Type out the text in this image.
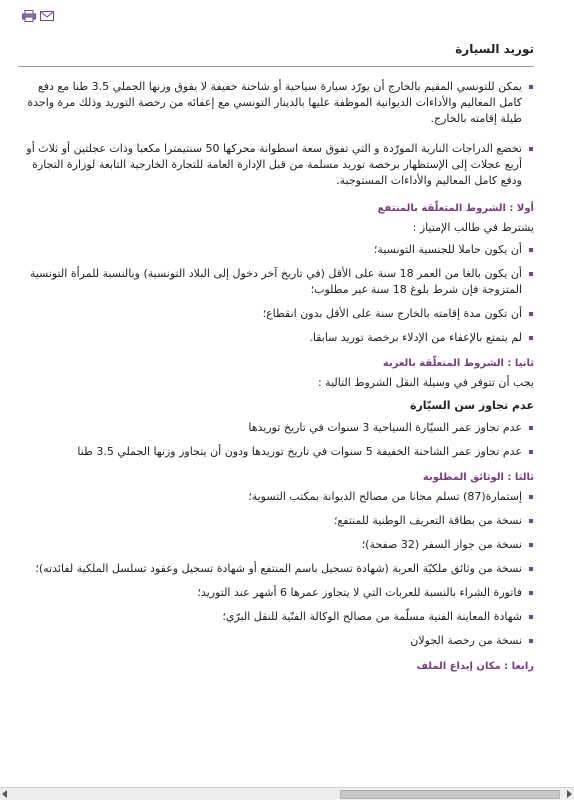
توريد السيارة
يمكن للتونسي المقيم بالخارج أن يورّد سيارة سياحية أو شاحنة خفيفة لا يفوق وزنها الجملي 3.5 طنا مع دفع كامل المعاليم والأداءات الديوانية الموظفة عليها بالدينار التونسي مع إعفائه من رخصة التوريد وذلك مرة واحدة طيلة إقامته بالخارج.
تخضع الدراجات النارية المورّدة و التي تفوق سعة اسطوانة محركها 50 سنتيمترا مكعبا وذات عجلتين أو ثلاث أو أربع عجلات إلى الإستظهار برخصة توريد مسلمة من قبل الإدارة العامة للتجارة الخارجية التابعة لوزارة التجارة ودفع كامل المعاليم والأداءات المستوجبة.
أولا : الشروط المتعلّقة بالمنتفع

يشترط في طالب الإمتياز :

أن يكون حاملا للجنسية التونسية؛
أن يكون بالغا من العمر 18 سنة على الأقل (في تاريخ آخر دخول إلى البلاد التونسية) وبالنسبة للمرأة التونسية المتزوجة فإن شرط بلوغ 18 سنة غير مطلوب؛
أن تكون مدة إقامته بالخارج سنة على الأقل بدون انقطاع؛
لم يتمتع بالإعفاء من الإدلاء برخصة توريد سابقا.
ثانيا : الشروط المتعلّقة بالعربة

يجب أن تتوفر في وسيلة النقل الشروط التالية :

عدم تجاوز سن السيّارة
عدم تجاوز عمر السيّارة السياحية 3 سنوات في تاريخ توريدها
عدم تجاوز عمر الشاحنة الخفيفة 5 سنوات في تاريخ توريدها ودون أن يتجاوز وزنها الجملي 3.5 طنا
ثالثا : الوثائق المطلوبة
إستمارة(87) تسلم مجانا من مصالح الديوانة بمكتب التسوية؛
نسخة من بطاقة التعريف الوطنية للمنتفع؛
نسخة من جواز السفر (32 صفحة)؛
نسخة من وثائق ملكيّة العربة (شهادة تسجيل باسم المنتفع أو شهادة تسجيل وعقود تسلسل الملكية لفائدته)؛
فاتورة الشراء بالنسبة للعربات التي لا يتجاوز عمرها 6 أشهر عند التوريد؛
شهادة المعاينة الفنية مسلّمة من مصالح الوكالة الفنّية للنقل البرّي؛
نسخة من رخصة الجولان
رابعا : مكان إيداع الملف
